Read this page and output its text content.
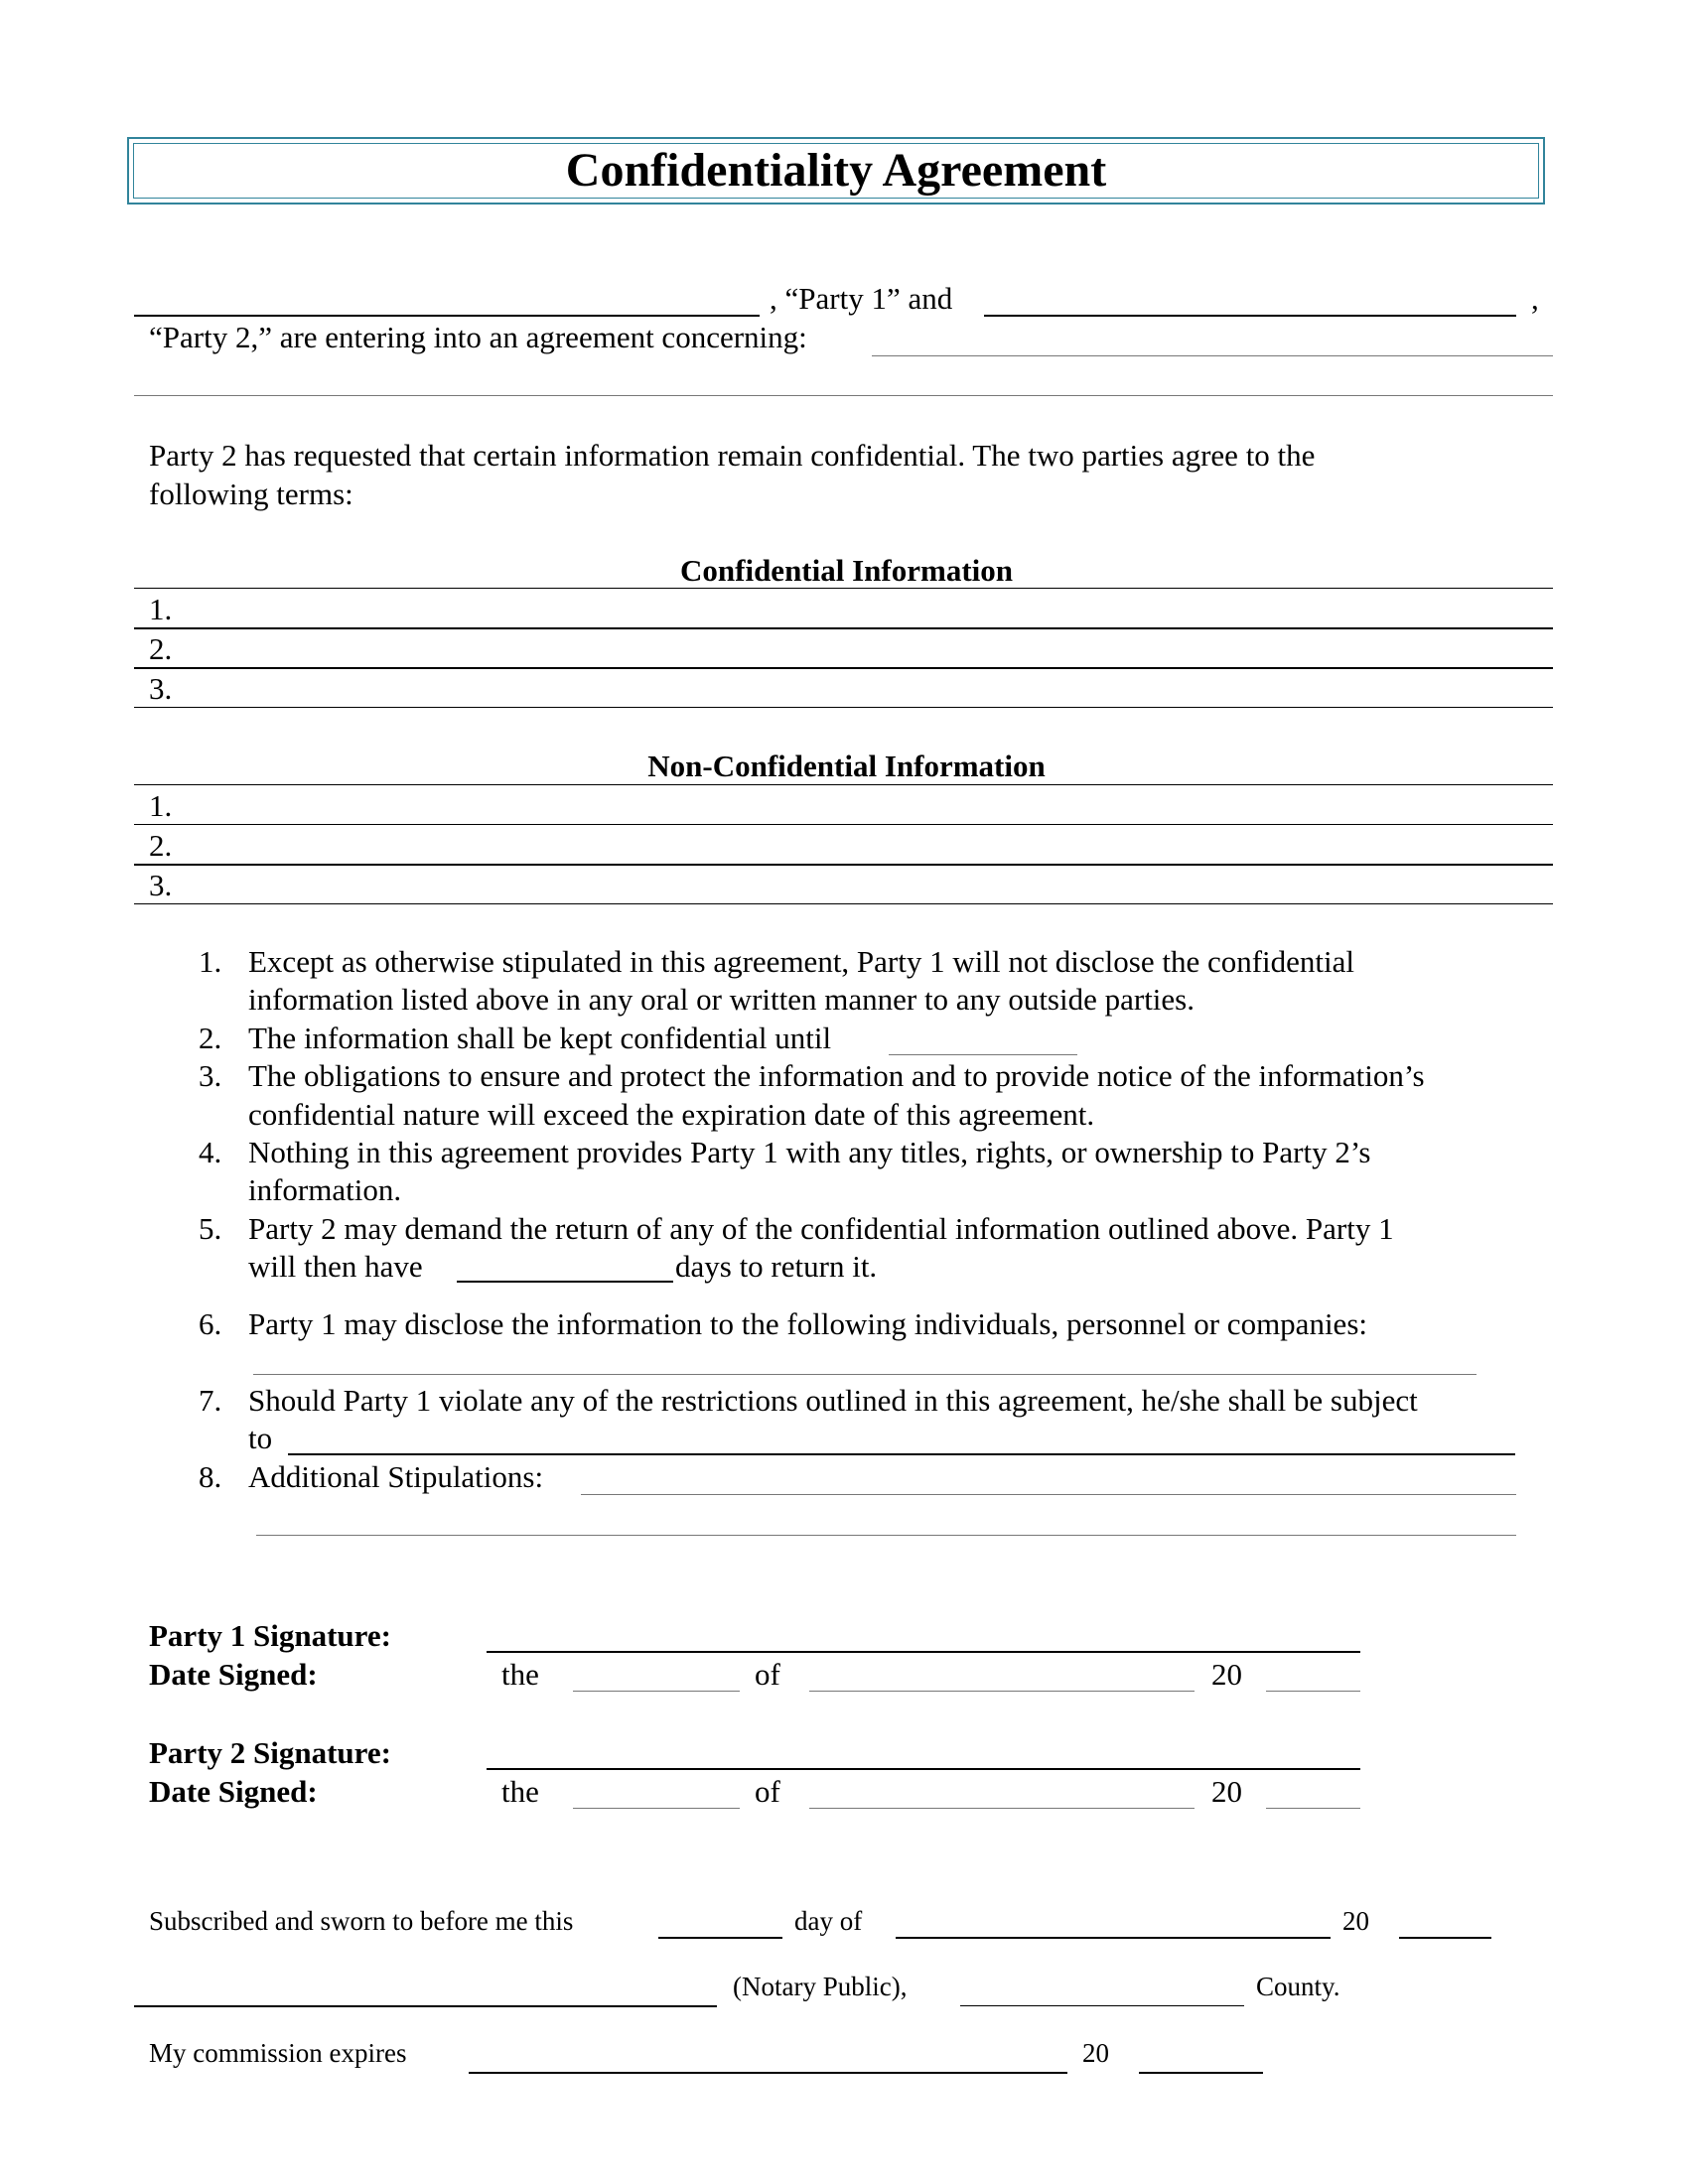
Confidentiality Agreement
, “Party 1” and	,
“Party 2,” are entering into an agreement concerning:
Party 2 has requested that certain information remain confidential. The two parties agree to the
following terms:
Confidential Information
1.
2.
3.
Non-Confidential Information
1.
2.
3.
1. Except as otherwise stipulated in this agreement, Party 1 will not disclose the confidential
information listed above in any oral or written manner to any outside parties.
2. The information shall be kept confidential until
3. The obligations to ensure and protect the information and to provide notice of the information’s
confidential nature will exceed the expiration date of this agreement.
4. Nothing in this agreement provides Party 1 with any titles, rights, or ownership to Party 2’s
information.
5. Party 2 may demand the return of any of the confidential information outlined above. Party 1
will then have	days to return it.
6. Party 1 may disclose the information to the following individuals, personnel or companies:
7. Should Party 1 violate any of the restrictions outlined in this agreement, he/she shall be subject
to
8. Additional Stipulations:
Party 1 Signature:
Date Signed:	the	of	20
Party 2 Signature:
Date Signed:	the	of	20
Subscribed and sworn to before me this	day of	20
(Notary Public),	County.
My commission expires	20
